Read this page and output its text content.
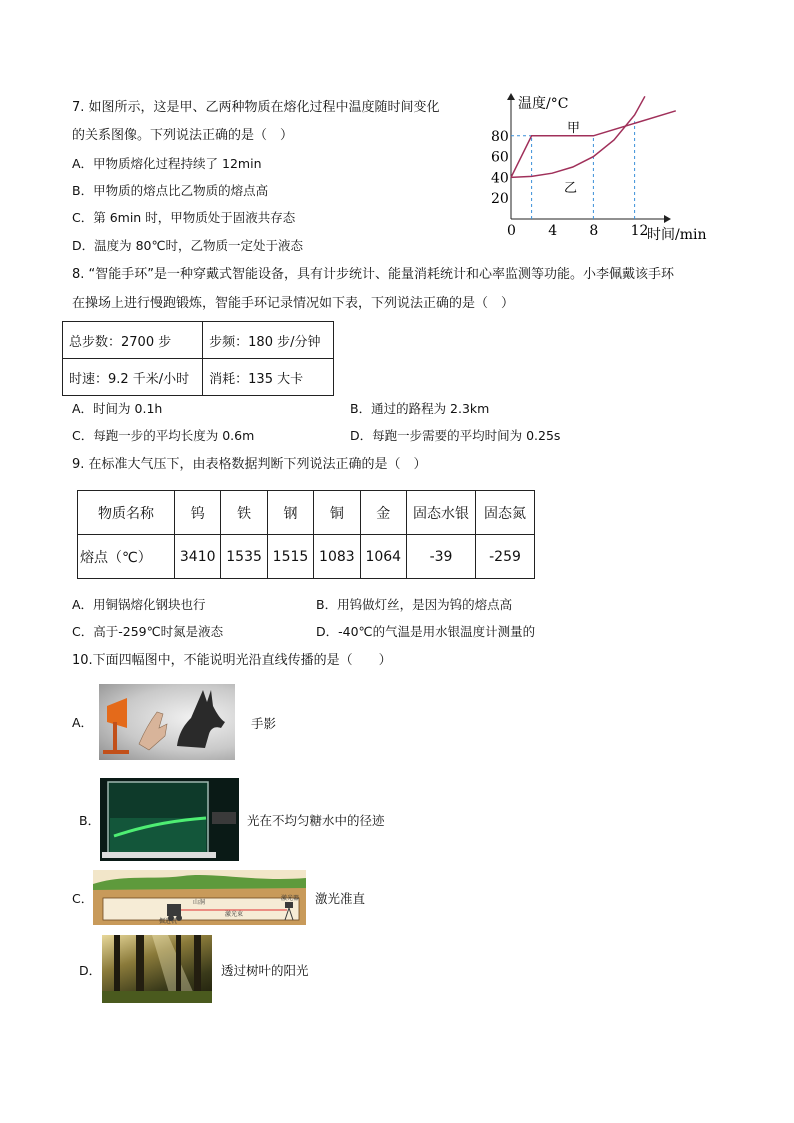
7. 如图所示，这是甲、乙两种物质在熔化过程中温度随时间变化
的关系图像。下列说法正确的是（　）
A．甲物质熔化过程持续了 12min
B．甲物质的熔点比乙物质的熔点高
C．第 6min 时，甲物质处于固液共存态
D．温度为 80℃时，乙物质一定处于液态
0 4 8 12
20
40
60
80
温度/°C
时间/min
甲
乙
8. “智能手环”是一种穿戴式智能设备，具有计步统计、能量消耗统计和心率监测等功能。小李佩戴该手环
在操场上进行慢跑锻炼，智能手环记录情况如下表，下列说法正确的是（　）
总步数：2700 步	步频：180 步/分钟
时速：9.2 千米/小时	消耗：135 大卡
A．时间为 0.1h	B．通过的路程为 2.3km
C．每跑一步的平均长度为 0.6m	D．每跑一步需要的平均时间为 0.25s
9. 在标准大气压下，由表格数据判断下列说法正确的是（　）
物质名称	钨	铁	钢	铜	金	固态水银	固态氮
熔点（℃）	3410	1535	1515	1083	1064	-39	-259
A．用铜锅熔化钢块也行	B．用钨做灯丝，是因为钨的熔点高
C．高于-259℃时氮是液态	D．-40℃的气温是用水银温度计测量的
10.下面四幅图中，不能说明光沿直线传播的是（　　）
A．	手影
B．	光在不均匀糖水中的径迹
C．	山洞
激光束
掘进机
激光器 激光准直
D．	透过树叶的阳光
